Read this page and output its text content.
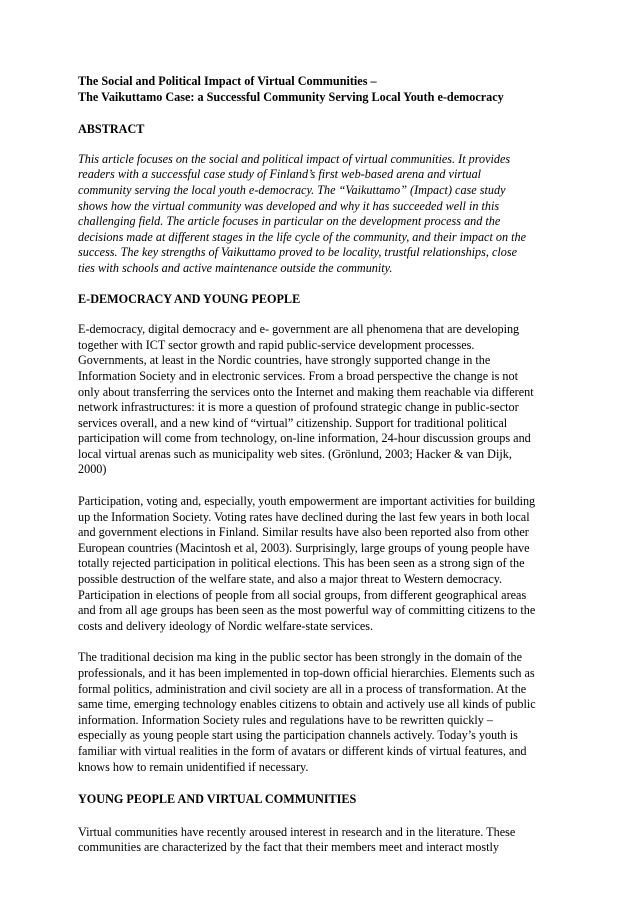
The Social and Political Impact of Virtual Communities –
The Vaikuttamo Case: a Successful Community Serving Local Youth e-democracy
ABSTRACT

This article focuses on the social and political impact of virtual communities. It provides
readers with a successful case study of Finland’s first web-based arena and virtual
community serving the local youth e-democracy. The “Vaikuttamo” (Impact) case study
shows how the virtual community was developed and why it has succeeded well in this
challenging field. The article focuses in particular on the development process and the
decisions made at different stages in the life cycle of the community, and their impact on the
success. The key strengths of Vaikuttamo proved to be locality, trustful relationships, close
ties with schools and active maintenance outside the community.

E-DEMOCRACY AND YOUNG PEOPLE

E-democracy, digital democracy and e- government are all phenomena that are developing
together with ICT sector growth and rapid public-service development processes.
Governments, at least in the Nordic countries, have strongly supported change in the
Information Society and in electronic services. From a broad perspective the change is not
only about transferring the services onto the Internet and making them reachable via different
network infrastructures: it is more a question of profound strategic change in public-sector
services overall, and a new kind of “virtual” citizenship. Support for traditional political
participation will come from technology, on-line information, 24-hour discussion groups and
local virtual arenas such as municipality web sites. (Grönlund, 2003; Hacker & van Dijk,
2000)

Participation, voting and, especially, youth empowerment are important activities for building
up the Information Society. Voting rates have declined during the last few years in both local
and government elections in Finland. Similar results have also been reported also from other
European countries (Macintosh et al, 2003). Surprisingly, large groups of young people have
totally rejected participation in political elections. This has been seen as a strong sign of the
possible destruction of the welfare state, and also a major threat to Western democracy.
Participation in elections of people from all social groups, from different geographical areas
and from all age groups has been seen as the most powerful way of committing citizens to the
costs and delivery ideology of Nordic welfare-state services.

The traditional decision ma king in the public sector has been strongly in the domain of the
professionals, and it has been implemented in top-down official hierarchies. Elements such as
formal politics, administration and civil society are all in a process of transformation. At the
same time, emerging technology enables citizens to obtain and actively use all kinds of public
information. Information Society rules and regulations have to be rewritten quickly –
especially as young people start using the participation channels actively. Today’s youth is
familiar with virtual realities in the form of avatars or different kinds of virtual features, and
knows how to remain unidentified if necessary.

YOUNG PEOPLE AND VIRTUAL COMMUNITIES

Virtual communities have recently aroused interest in research and in the literature. These
communities are characterized by the fact that their members meet and interact mostly
